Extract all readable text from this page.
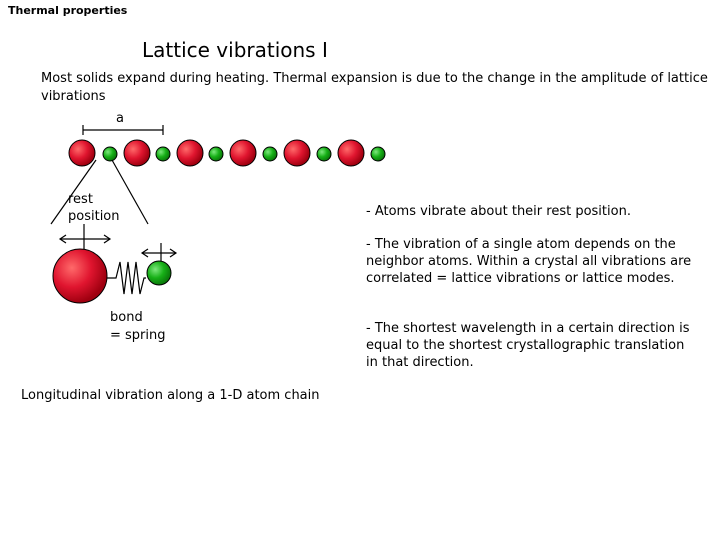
Thermal properties
Lattice vibrations I
Most solids expand during heating. Thermal expansion is due to the change in the amplitude of lattice vibrations
a
rest
position
bond
= spring
Longitudinal vibration along a 1-D atom chain
- Atoms vibrate about their rest position.
- The vibration of a single atom depends on the neighbor atoms. Within a crystal all vibrations are correlated = lattice vibrations or lattice modes.
- The shortest wavelength in a certain direction is equal to the shortest crystallographic translation in that direction.
